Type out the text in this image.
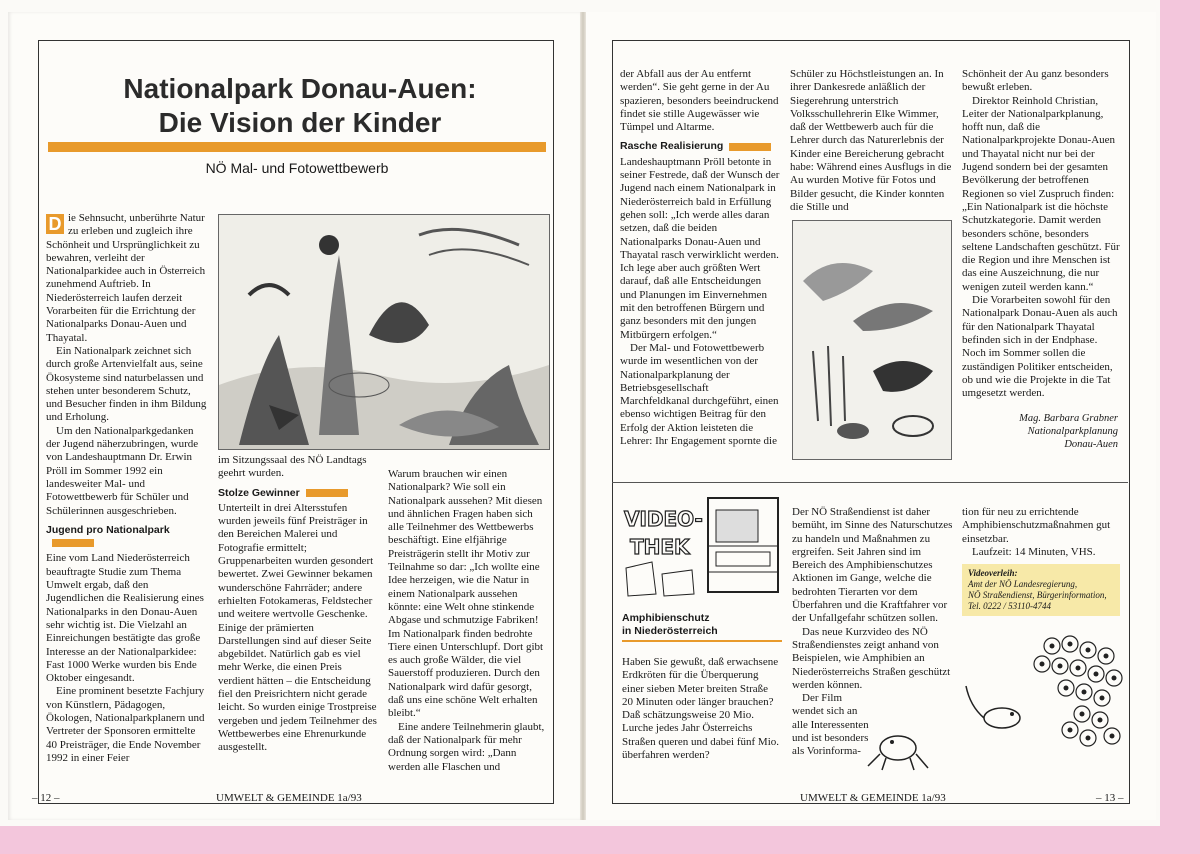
Nationalpark Donau-Auen:
Die Vision der Kinder
NÖ Mal- und Fotowettbewerb

D ie Sehnsucht, unberührte Natur zu erleben und zugleich ihre Schönheit und Ursprünglichkeit zu bewahren, verleiht der Nationalparkidee auch in Österreich zunehmend Auftrieb. In Niederösterreich laufen derzeit Vorarbeiten für die Errichtung der Nationalparks Donau-Auen und Thayatal.

Ein Nationalpark zeichnet sich durch große Artenvielfalt aus, seine Ökosysteme sind naturbelassen und stehen unter besonderem Schutz, und Besucher finden in ihm Bildung und Erholung.

Um den Nationalparkgedanken der Jugend näherzubringen, wurde von Landeshauptmann Dr. Erwin Pröll im Sommer 1992 ein landesweiter Mal- und Fotowettbewerb für Schüler und Schülerinnen ausgeschrieben.

Jugend pro Nationalpark

Eine vom Land Niederösterreich beauftragte Studie zum Thema Umwelt ergab, daß den Jugendlichen die Realisierung eines Nationalparks in den Donau-Auen sehr wichtig ist. Die Vielzahl an Einreichungen bestätigte das große Interesse an der Nationalparkidee: Fast 1000 Werke wurden bis Ende Oktober eingesandt.

Eine prominent besetzte Fachjury von Künstlern, Pädagogen, Ökologen, Nationalparkplanern und Vertreter der Sponsoren ermittelte 40 Preisträger, die Ende November 1992 in einer Feier

im Sitzungssaal des NÖ Landtags geehrt wurden.

Stolze Gewinner

Unterteilt in drei Altersstufen wurden jeweils fünf Preisträger in den Bereichen Malerei und Fotografie ermittelt; Gruppenarbeiten wurden gesondert bewertet. Zwei Gewinner bekamen wunderschöne Fahrräder; andere erhielten Fotokameras, Feldstecher und weitere wertvolle Geschenke. Einige der prämierten Darstellungen sind auf dieser Seite abgebildet. Natürlich gab es viel mehr Werke, die einen Preis verdient hätten – die Entscheidung fiel den Preisrichtern nicht gerade leicht. So wurden einige Trostpreise vergeben und jedem Teilnehmer des Wettbewerbes eine Ehrenurkunde ausgestellt.

Warum brauchen wir einen Nationalpark? Wie soll ein Nationalpark aussehen? Mit diesen und ähnlichen Fragen haben sich alle Teilnehmer des Wettbewerbs beschäftigt. Eine elfjährige Preisträgerin stellt ihr Motiv zur Teilnahme so dar: „Ich wollte eine Idee herzeigen, wie die Natur in einem Nationalpark aussehen könnte: eine Welt ohne stinkende Abgase und schmutzige Fabriken! Im Nationalpark finden bedrohte Tiere einen Unterschlupf. Dort gibt es auch große Wälder, die viel Sauerstoff produzieren. Durch den Nationalpark wird dafür gesorgt, daß uns eine schöne Welt erhalten bleibt.“

Eine andere Teilnehmerin glaubt, daß der Nationalpark für mehr Ordnung sorgen wird: „Dann werden alle Flaschen und

– 12 –	UMWELT & GEMEINDE 1a/93

der Abfall aus der Au entfernt werden“. Sie geht gerne in der Au spazieren, besonders beeindruckend findet sie stille Augewässer wie Tümpel und Altarme.

Rasche Realisierung

Landeshauptmann Pröll betonte in seiner Festrede, daß der Wunsch der Jugend nach einem Nationalpark in Niederösterreich bald in Erfüllung gehen soll: „Ich werde alles daran setzen, daß die beiden Nationalparks Donau-Auen und Thayatal rasch verwirklicht werden. Ich lege aber auch größten Wert darauf, daß alle Entscheidungen und Planungen im Einvernehmen mit den betroffenen Bürgern und ganz besonders mit den jungen Mitbürgern erfolgen.“

Der Mal- und Fotowettbewerb wurde im wesentlichen von der Nationalparkplanung der Betriebsgesellschaft Marchfeldkanal durchgeführt, einen ebenso wichtigen Beitrag für den Erfolg der Aktion leisteten die Lehrer: Ihr Engagement spornte die

Schüler zu Höchstleistungen an. In ihrer Dankesrede anläßlich der Siegerehrung unterstrich Volksschullehrerin Elke Wimmer, daß der Wettbewerb auch für die Lehrer durch das Naturerlebnis der Kinder eine Bereicherung gebracht habe: Während eines Ausflugs in die Au wurden Motive für Fotos und Bilder gesucht, die Kinder konnten die Stille und

Schönheit der Au ganz besonders bewußt erleben.

Direktor Reinhold Christian, Leiter der Nationalparkplanung, hofft nun, daß die Nationalparkprojekte Donau-Auen und Thayatal nicht nur bei der Jugend sondern bei der gesamten Bevölkerung der betroffenen Regionen so viel Zuspruch finden: „Ein Nationalpark ist die höchste Schutzkategorie. Damit werden besonders schöne, besonders seltene Landschaften geschützt. Für die Region und ihre Menschen ist das eine Auszeichnung, die nur wenigen zuteil werden kann.“

Die Vorarbeiten sowohl für den Nationalpark Donau-Auen als auch für den Nationalpark Thayatal befinden sich in der Endphase. Noch im Sommer sollen die zuständigen Politiker entscheiden, ob und wie die Projekte in die Tat umgesetzt werden.

Mag. Barbara Grabner
Nationalparkplanung
Donau-Auen
VIDEO-
THEK
Amphibienschutz
in Niederösterreich

Haben Sie gewußt, daß erwachsene Erdkröten für die Überquerung einer sieben Meter breiten Straße 20 Minuten oder länger brauchen? Daß schätzungsweise 20 Mio. Lurche jedes Jahr Österreichs Straßen queren und dabei fünf Mio. überfahren werden?

Der NÖ Straßendienst ist daher bemüht, im Sinne des Naturschutzes zu handeln und Maßnahmen zu ergreifen. Seit Jahren sind im Bereich des Amphibienschutzes Aktionen im Gange, welche die bedrohten Tierarten vor dem Überfahren und die Kraftfahrer vor der Unfallgefahr schützen sollen.

Das neue Kurzvideo des NÖ Straßendienstes zeigt anhand von Beispielen, wie Amphibien an Niederösterreichs Straßen geschützt werden können.

Der Film wendet sich an alle Interessenten und ist besonders als Vorinforma-

tion für neu zu errichtende Amphibienschutzmaßnahmen gut einsetzbar.

Laufzeit: 14 Minuten, VHS.

Videoverleih:
Amt der NÖ Landesregierung,
NÖ Straßendienst, Bürgerinformation,
Tel. 0222 / 53110-4744
UMWELT & GEMEINDE 1a/93	– 13 –
